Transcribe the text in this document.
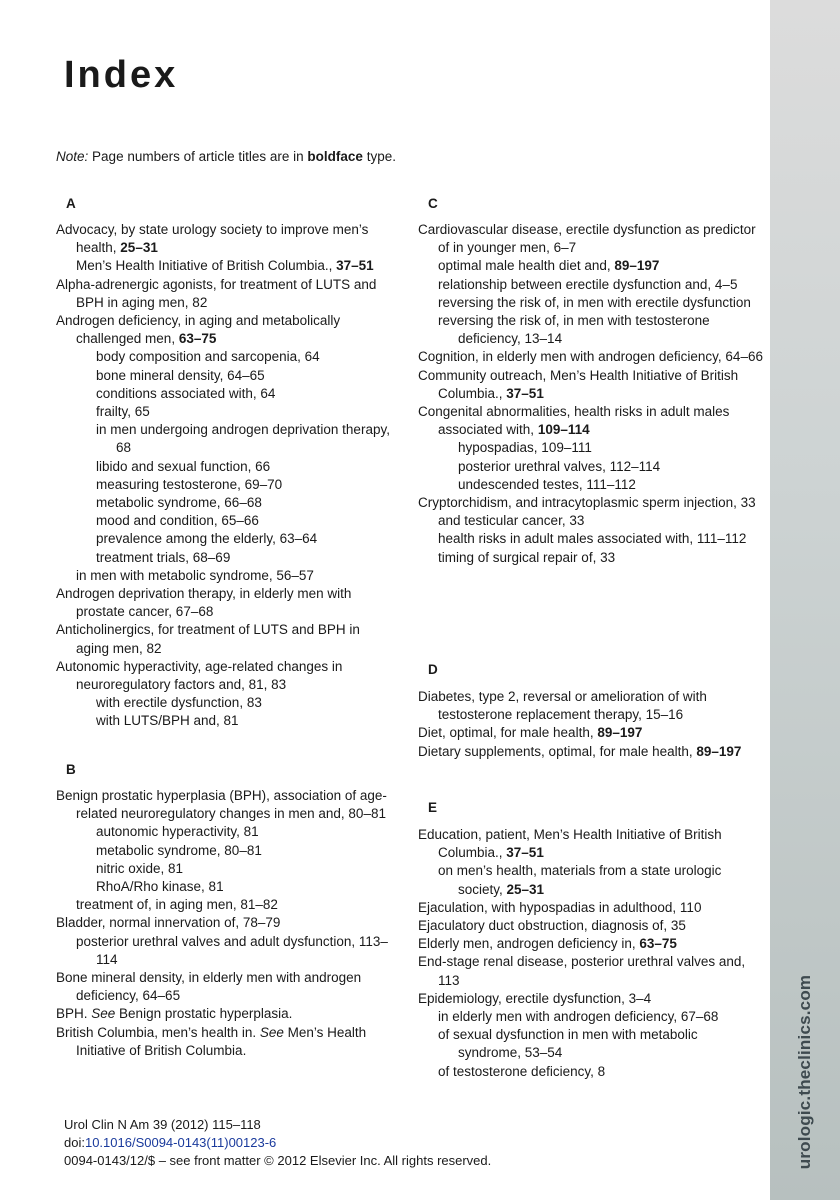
urologic.theclinics.com
Index
Note: Page numbers of article titles are in boldface type.
A

Advocacy, by state urology society to improve men’s health, 25–31

Men’s Health Initiative of British Columbia., 37–51

Alpha-adrenergic agonists, for treatment of LUTS and BPH in aging men, 82

Androgen deficiency, in aging and metabolically challenged men, 63–75

body composition and sarcopenia, 64

bone mineral density, 64–65

conditions associated with, 64

frailty, 65

in men undergoing androgen deprivation therapy, 68

libido and sexual function, 66

measuring testosterone, 69–70

metabolic syndrome, 66–68

mood and condition, 65–66

prevalence among the elderly, 63–64

treatment trials, 68–69

in men with metabolic syndrome, 56–57

Androgen deprivation therapy, in elderly men with prostate cancer, 67–68

Anticholinergics, for treatment of LUTS and BPH in aging men, 82

Autonomic hyperactivity, age-related changes in neuroregulatory factors and, 81, 83

with erectile dysfunction, 83

with LUTS/BPH and, 81

B

Benign prostatic hyperplasia (BPH), association of age-related neuroregulatory changes in men and, 80–81

autonomic hyperactivity, 81

metabolic syndrome, 80–81

nitric oxide, 81

RhoA/Rho kinase, 81

treatment of, in aging men, 81–82

Bladder, normal innervation of, 78–79

posterior urethral valves and adult dysfunction, 113–114

Bone mineral density, in elderly men with androgen deficiency, 64–65

BPH. See Benign prostatic hyperplasia.

British Columbia, men’s health in. See Men’s Health Initiative of British Columbia.

C

Cardiovascular disease, erectile dysfunction as predictor of in younger men, 6–7

optimal male health diet and, 89–197

relationship between erectile dysfunction and, 4–5

reversing the risk of, in men with erectile dysfunction

reversing the risk of, in men with testosterone deficiency, 13–14

Cognition, in elderly men with androgen deficiency, 64–66

Community outreach, Men’s Health Initiative of British Columbia., 37–51

Congenital abnormalities, health risks in adult males associated with, 109–114

hypospadias, 109–111

posterior urethral valves, 112–114

undescended testes, 111–112

Cryptorchidism, and intracytoplasmic sperm injection, 33

and testicular cancer, 33

health risks in adult males associated with, 111–112

timing of surgical repair of, 33

D

Diabetes, type 2, reversal or amelioration of with testosterone replacement therapy, 15–16

Diet, optimal, for male health, 89–197

Dietary supplements, optimal, for male health, 89–197

E

Education, patient, Men’s Health Initiative of British Columbia., 37–51

on men’s health, materials from a state urologic society, 25–31

Ejaculation, with hypospadias in adulthood, 110

Ejaculatory duct obstruction, diagnosis of, 35

Elderly men, androgen deficiency in, 63–75

End-stage renal disease, posterior urethral valves and, 113

Epidemiology, erectile dysfunction, 3–4

in elderly men with androgen deficiency, 67–68

of sexual dysfunction in men with metabolic syndrome, 53–54

of testosterone deficiency, 8

Urol Clin N Am 39 (2012) 115–118
doi:10.1016/S0094-0143(11)00123-6
0094-0143/12/$ – see front matter © 2012 Elsevier Inc. All rights reserved.
